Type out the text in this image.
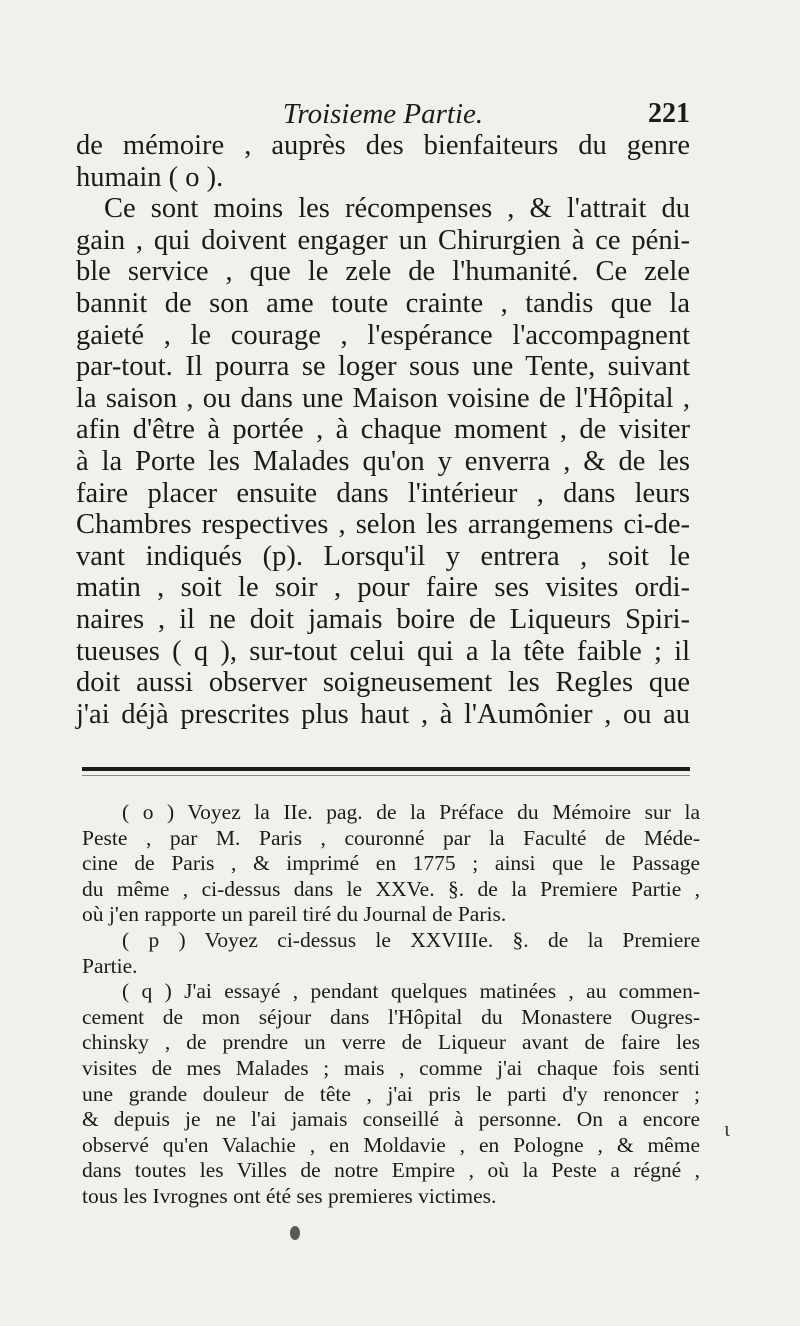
Troisieme Partie.	221
de mémoire , auprès des bienfaiteurs du genre
humain ( o ).
Ce sont moins les récompenses , & l'attrait du
gain , qui doivent engager un Chirurgien à ce péni-
ble service , que le zele de l'humanité. Ce zele
bannit de son ame toute crainte , tandis que la
gaieté , le courage , l'espérance l'accompagnent
par-tout. Il pourra se loger sous une Tente, suivant
la saison , ou dans une Maison voisine de l'Hôpital ,
afin d'être à portée , à chaque moment , de visiter
à la Porte les Malades qu'on y enverra , & de les
faire placer ensuite dans l'intérieur , dans leurs
Chambres respectives , selon les arrangemens ci-de-
vant indiqués (p). Lorsqu'il y entrera , soit le
matin , soit le soir , pour faire ses visites ordi-
naires , il ne doit jamais boire de Liqueurs Spiri-
tueuses ( q ), sur-tout celui qui a la tête faible ; il
doit aussi observer soigneusement les Regles que
j'ai déjà prescrites plus haut , à l'Aumônier , ou au
( o ) Voyez la IIe. pag. de la Préface du Mémoire sur la
Peste , par M. Paris , couronné par la Faculté de Méde-
cine de Paris , & imprimé en 1775 ; ainsi que le Passage
du même , ci-dessus dans le XXVe. §. de la Premiere Partie ,
où j'en rapporte un pareil tiré du Journal de Paris.
( p ) Voyez ci-dessus le XXVIIIe. §. de la Premiere
Partie.
( q ) J'ai essayé , pendant quelques matinées , au commen-
cement de mon séjour dans l'Hôpital du Monastere Ougres-
chinsky , de prendre un verre de Liqueur avant de faire les
visites de mes Malades ; mais , comme j'ai chaque fois senti
une grande douleur de tête , j'ai pris le parti d'y renoncer ;
& depuis je ne l'ai jamais conseillé à personne. On a encore
observé qu'en Valachie , en Moldavie , en Pologne , & même
dans toutes les Villes de notre Empire , où la Peste a régné ,
tous les Ivrognes ont été ses premieres victimes.
ι
